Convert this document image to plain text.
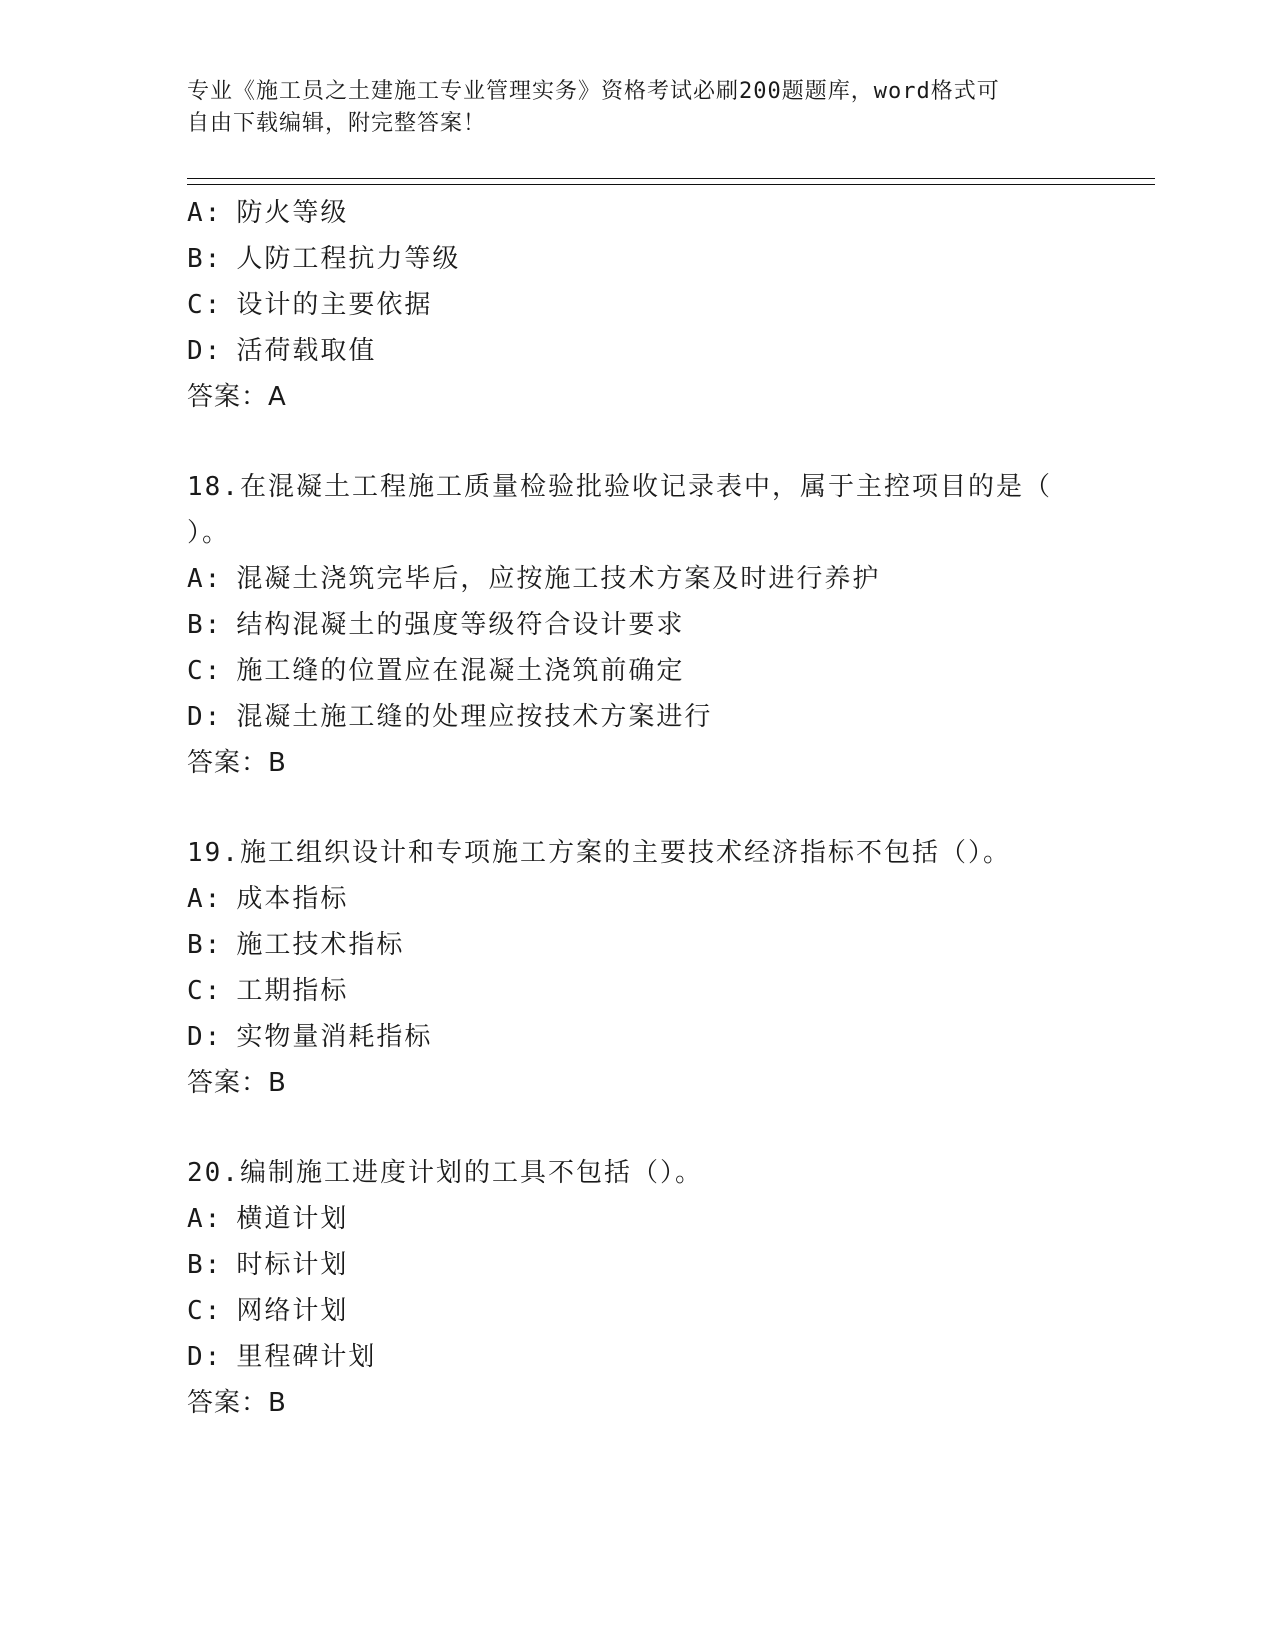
专业《施工员之土建施工专业管理实务》资格考试必刷200题题库，word格式可
自由下载编辑，附完整答案！
A: 防火等级
B: 人防工程抗力等级
C: 设计的主要依据
D: 活荷载取值
答案：A
18.在混凝土工程施工质量检验批验收记录表中，属于主控项目的是（
）。
A: 混凝土浇筑完毕后，应按施工技术方案及时进行养护
B: 结构混凝土的强度等级符合设计要求
C: 施工缝的位置应在混凝土浇筑前确定
D: 混凝土施工缝的处理应按技术方案进行
答案：B
19.施工组织设计和专项施工方案的主要技术经济指标不包括（）。
A: 成本指标
B: 施工技术指标
C: 工期指标
D: 实物量消耗指标
答案：B
20.编制施工进度计划的工具不包括（）。
A: 横道计划
B: 时标计划
C: 网络计划
D: 里程碑计划
答案：B
